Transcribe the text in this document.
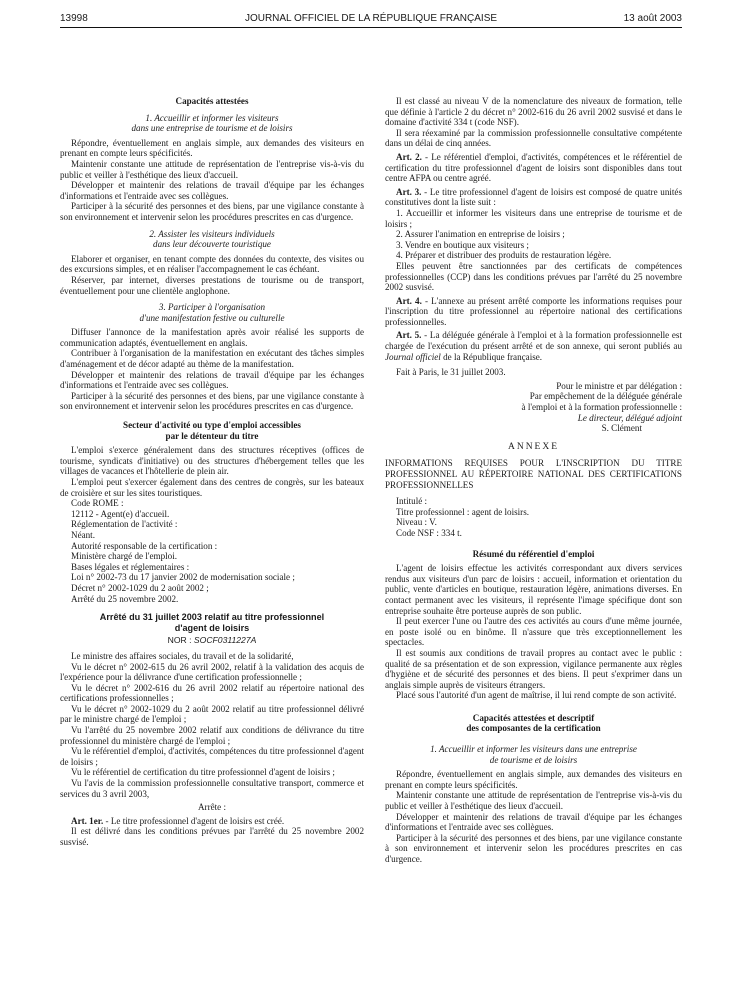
13998	JOURNAL OFFICIEL DE LA RÉPUBLIQUE FRANÇAISE	13 août 2003
Capacités attestées
1. Accueillir et informer les visiteurs
dans une entreprise de tourisme et de loisirs

Répondre, éventuellement en anglais simple, aux demandes des visiteurs en prenant en compte leurs spécificités.

Maintenir constante une attitude de représentation de l'entreprise vis-à-vis du public et veiller à l'esthétique des lieux d'accueil.

Développer et maintenir des relations de travail d'équipe par les échanges d'informations et l'entraide avec ses collègues.

Participer à la sécurité des personnes et des biens, par une vigilance constante à son environnement et intervenir selon les procédures prescrites en cas d'urgence.

2. Assister les visiteurs individuels
dans leur découverte touristique

Elaborer et organiser, en tenant compte des données du contexte, des visites ou des excursions simples, et en réaliser l'accompagnement le cas échéant.

Réserver, par internet, diverses prestations de tourisme ou de transport, éventuellement pour une clientèle anglophone.

3. Participer à l'organisation
d'une manifestation festive ou culturelle

Diffuser l'annonce de la manifestation après avoir réalisé les supports de communication adaptés, éventuellement en anglais.

Contribuer à l'organisation de la manifestation en exécutant des tâches simples d'aménagement et de décor adapté au thème de la manifestation.

Développer et maintenir des relations de travail d'équipe par les échanges d'informations et l'entraide avec ses collègues.

Participer à la sécurité des personnes et des biens, par une vigilance constante à son environnement et intervenir selon les procédures prescrites en cas d'urgence.

Secteur d'activité ou type d'emploi accessibles
par le détenteur du titre

L'emploi s'exerce généralement dans des structures réceptives (offices de tourisme, syndicats d'initiative) ou des structures d'hébergement telles que les villages de vacances et l'hôtellerie de plein air.

L'emploi peut s'exercer également dans des centres de congrès, sur les bateaux de croisière et sur les sites touristiques.

Code ROME :

12112 - Agent(e) d'accueil.

Réglementation de l'activité :

Néant.

Autorité responsable de la certification :

Ministère chargé de l'emploi.

Bases légales et réglementaires :

Loi n° 2002-73 du 17 janvier 2002 de modernisation sociale ;

Décret n° 2002-1029 du 2 août 2002 ;

Arrêté du 25 novembre 2002.

Arrêté du 31 juillet 2003 relatif au titre professionnel
d'agent de loisirs
NOR : SOCF0311227A

Le ministre des affaires sociales, du travail et de la solidarité,

Vu le décret n° 2002-615 du 26 avril 2002, relatif à la validation des acquis de l'expérience pour la délivrance d'une certification professionnelle ;

Vu le décret n° 2002-616 du 26 avril 2002 relatif au répertoire national des certifications professionnelles ;

Vu le décret n° 2002-1029 du 2 août 2002 relatif au titre professionnel délivré par le ministre chargé de l'emploi ;

Vu l'arrêté du 25 novembre 2002 relatif aux conditions de délivrance du titre professionnel du ministère chargé de l'emploi ;

Vu le référentiel d'emploi, d'activités, compétences du titre professionnel d'agent de loisirs ;

Vu le référentiel de certification du titre professionnel d'agent de loisirs ;

Vu l'avis de la commission professionnelle consultative transport, commerce et services du 3 avril 2003,

Arrête :

Art. 1er. - Le titre professionnel d'agent de loisirs est créé.

Il est délivré dans les conditions prévues par l'arrêté du 25 novembre 2002 susvisé.

Il est classé au niveau V de la nomenclature des niveaux de formation, telle que définie à l'article 2 du décret n° 2002-616 du 26 avril 2002 susvisé et dans le domaine d'activité 334 t (code NSF).

Il sera réexaminé par la commission professionnelle consultative compétente dans un délai de cinq années.

Art. 2. - Le référentiel d'emploi, d'activités, compétences et le référentiel de certification du titre professionnel d'agent de loisirs sont disponibles dans tout centre AFPA ou centre agréé.

Art. 3. - Le titre professionnel d'agent de loisirs est composé de quatre unités constitutives dont la liste suit :

1. Accueillir et informer les visiteurs dans une entreprise de tourisme et de loisirs ;

2. Assurer l'animation en entreprise de loisirs ;

3. Vendre en boutique aux visiteurs ;

4. Préparer et distribuer des produits de restauration légère.

Elles peuvent être sanctionnées par des certificats de compétences professionnelles (CCP) dans les conditions prévues par l'arrêté du 25 novembre 2002 susvisé.

Art. 4. - L'annexe au présent arrêté comporte les informations requises pour l'inscription du titre professionnel au répertoire national des certifications professionnelles.

Art. 5. - La déléguée générale à l'emploi et à la formation professionnelle est chargée de l'exécution du présent arrêté et de son annexe, qui seront publiés au Journal officiel de la République française.

Fait à Paris, le 31 juillet 2003.

Pour le ministre et par délégation :

Par empêchement de la déléguée générale

à l'emploi et à la formation professionnelle :

Le directeur, délégué adjoint

S. Clément

ANNEXE

INFORMATIONS REQUISES POUR L'INSCRIPTION DU TITRE PROFESSIONNEL AU RÉPERTOIRE NATIONAL DES CERTIFICATIONS PROFESSIONNELLES

Intitulé :

Titre professionnel : agent de loisirs.

Niveau : V.

Code NSF : 334 t.

Résumé du référentiel d'emploi

L'agent de loisirs effectue les activités correspondant aux divers services rendus aux visiteurs d'un parc de loisirs : accueil, information et orientation du public, vente d'articles en boutique, restauration légère, animations diverses. En contact permanent avec les visiteurs, il représente l'image spécifique dont son entreprise souhaite être porteuse auprès de son public.

Il peut exercer l'une ou l'autre des ces activités au cours d'une même journée, en poste isolé ou en binôme. Il n'assure que très exceptionnellement les spectacles.

Il est soumis aux conditions de travail propres au contact avec le public : qualité de sa présentation et de son expression, vigilance permanente aux règles d'hygiène et de sécurité des personnes et des biens. Il peut s'exprimer dans un anglais simple auprès de visiteurs étrangers.

Placé sous l'autorité d'un agent de maîtrise, il lui rend compte de son activité.

Capacités attestées et descriptif
des composantes de la certification
1. Accueillir et informer les visiteurs dans une entreprise
de tourisme et de loisirs

Répondre, éventuellement en anglais simple, aux demandes des visiteurs en prenant en compte leurs spécificités.

Maintenir constante une attitude de représentation de l'entreprise vis-à-vis du public et veiller à l'esthétique des lieux d'accueil.

Développer et maintenir des relations de travail d'équipe par les échanges d'informations et l'entraide avec ses collègues.

Participer à la sécurité des personnes et des biens, par une vigilance constante à son environnement et intervenir selon les procédures prescrites en cas d'urgence.
